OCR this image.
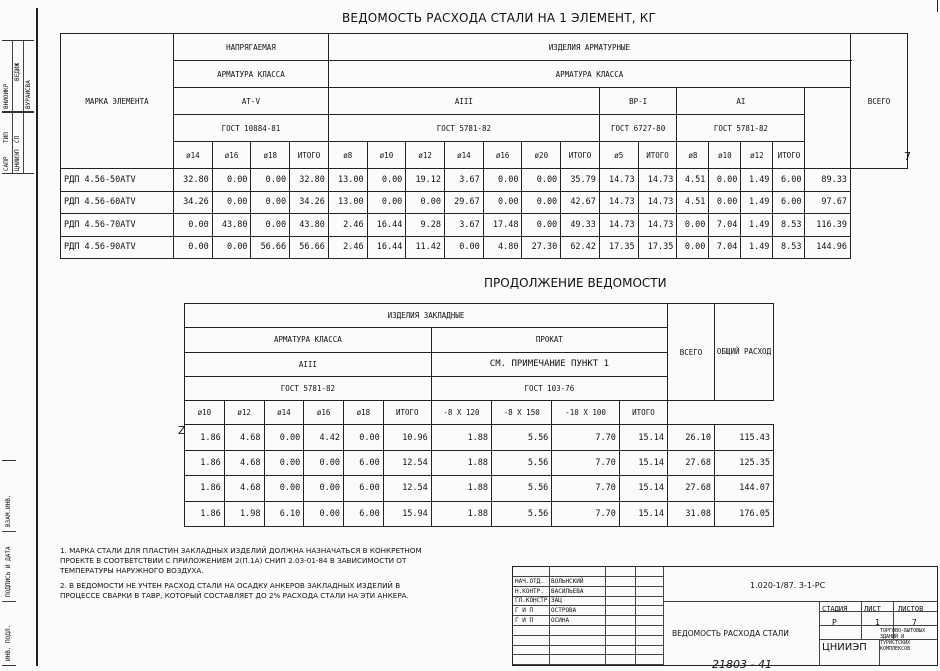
ВНИОИКР
ВЕДИЖ
ВУРАИСВА
ТИП СП
САПР ЦНИИЭП
ВЗАМ.ИНВ.
ПОДПИСЬ И ДАТА
ИНВ. ПОДЛ.
ВЕДОМОСТЬ РАСХОДА СТАЛИ НА 1 ЭЛЕМЕНТ, КГ
МАРКА ЭЛЕМЕНТА	НАПРЯГАЕМАЯ				ИЗДЕЛИЯ АРМАТУРНЫЕ														ВСЕГО
	АРМАТУРА КЛАССА				АРМАТУРА КЛАССА														
	АТ-V				АIII							ВР-I		АI					
	ГОСТ 10884-81				ГОСТ 5781-82							ГОСТ 6727-80		ГОСТ 5781-82					
	ø14	ø16	ø18	ИТОГО	ø8	ø10	ø12	ø14	ø16	ø20	ИТОГО	ø5	ИТОГО	ø8	ø10	ø12	ИТОГО		
РДП 4.56-50АТV	32.80	0.00	0.00	32.80	13.00	0.00	19.12	3.67	0.00	0.00	35.79	14.73	14.73	4.51	0.00	1.49	6.00	89.33	
РДП 4.56-60АТV	34.26	0.00	0.00	34.26	13.00	0.00	0.00	29.67	0.00	0.00	42.67	14.73	14.73	4.51	0.00	1.49	6.00	97.67	
РДП 4.56-70АТV	0.00	43.80	0.00	43.80	2.46	16.44	9.28	3.67	17.48	0.00	49.33	14.73	14.73	0.00	7.04	1.49	8.53	116.39	
РДП 4.56-90АТV	0.00	0.00	56.66	56.66	2.46	16.44	11.42	0.00	4.80	27.30	62.42	17.35	17.35	0.00	7.04	1.49	8.53	144.96	
ПРОДОЛЖЕНИЕ ВЕДОМОСТИ
ИЗДЕЛИЯ ЗАКЛАДНЫЕ										ВСЕГО	ОБЩИЙ РАСХОД
АРМАТУРА КЛАССА						ПРОКАТ					
АIII						СМ. ПРИМЕЧАНИЕ ПУНКТ 1					
ГОСТ 5781-82						ГОСТ 103-76					
ø10	ø12	ø14	ø16	ø18	ИТОГО	-8 X 120	-8 X 150	-10 X 100	ИТОГО		
1.86	4.68	0.00	4.42	0.00	10.96	1.88	5.56	7.70	15.14	26.10	115.43
1.86	4.68	0.00	0.00	6.00	12.54	1.88	5.56	7.70	15.14	27.68	125.35
1.86	4.68	0.00	0.00	6.00	12.54	1.88	5.56	7.70	15.14	27.68	144.07
1.86	1.98	6.10	0.00	6.00	15.94	1.88	5.56	7.70	15.14	31.08	176.05

1. МАРКА СТАЛИ ДЛЯ ПЛАСТИН ЗАКЛАДНЫХ ИЗДЕЛИЙ ДОЛЖНА НАЗНАЧАТЬСЯ В КОНКРЕТНОМ ПРОЕКТЕ В СООТВЕТСТВИИ С ПРИЛОЖЕНИЕМ 2(П.1А) СНИП 2.03-01-84 В ЗАВИСИМОСТИ ОТ ТЕМПЕРАТУРЫ НАРУЖНОГО ВОЗДУХА.

2. В ВЕДОМОСТИ НЕ УЧТЕН РАСХОД СТАЛИ НА ОСАДКУ АНКЕРОВ ЗАКЛАДНЫХ ИЗДЕЛИЙ В ПРОЦЕССЕ СВАРКИ В ТАВР, КОТОРЫЙ СОСТАВЛЯЕТ ДО 2% РАСХОДА СТАЛИ НА ЭТИ АНКЕРА.

НАЧ.ОТД. ВОЛЬНСКИЙ
Н.КОНТР. ВАСИЛЬЕВА
ГЛ.КОНСТР ЗАЦ
Г И П	ОСТРОВА
Г И П	ОСИНА
1.020-1/87. 3-1-РС
СТАДИЯ ЛИСТ ЛИСТОВ
Р	1	7
ВЕДОМОСТЬ РАСХОДА СТАЛИ
ЦНИИЭП
ТОРГОВО-БЫТОВЫХ ЗДАНИЙ И ТУРИСТСКИХ КОМПЛЕКСОВ
21803 - 41
7
Z
